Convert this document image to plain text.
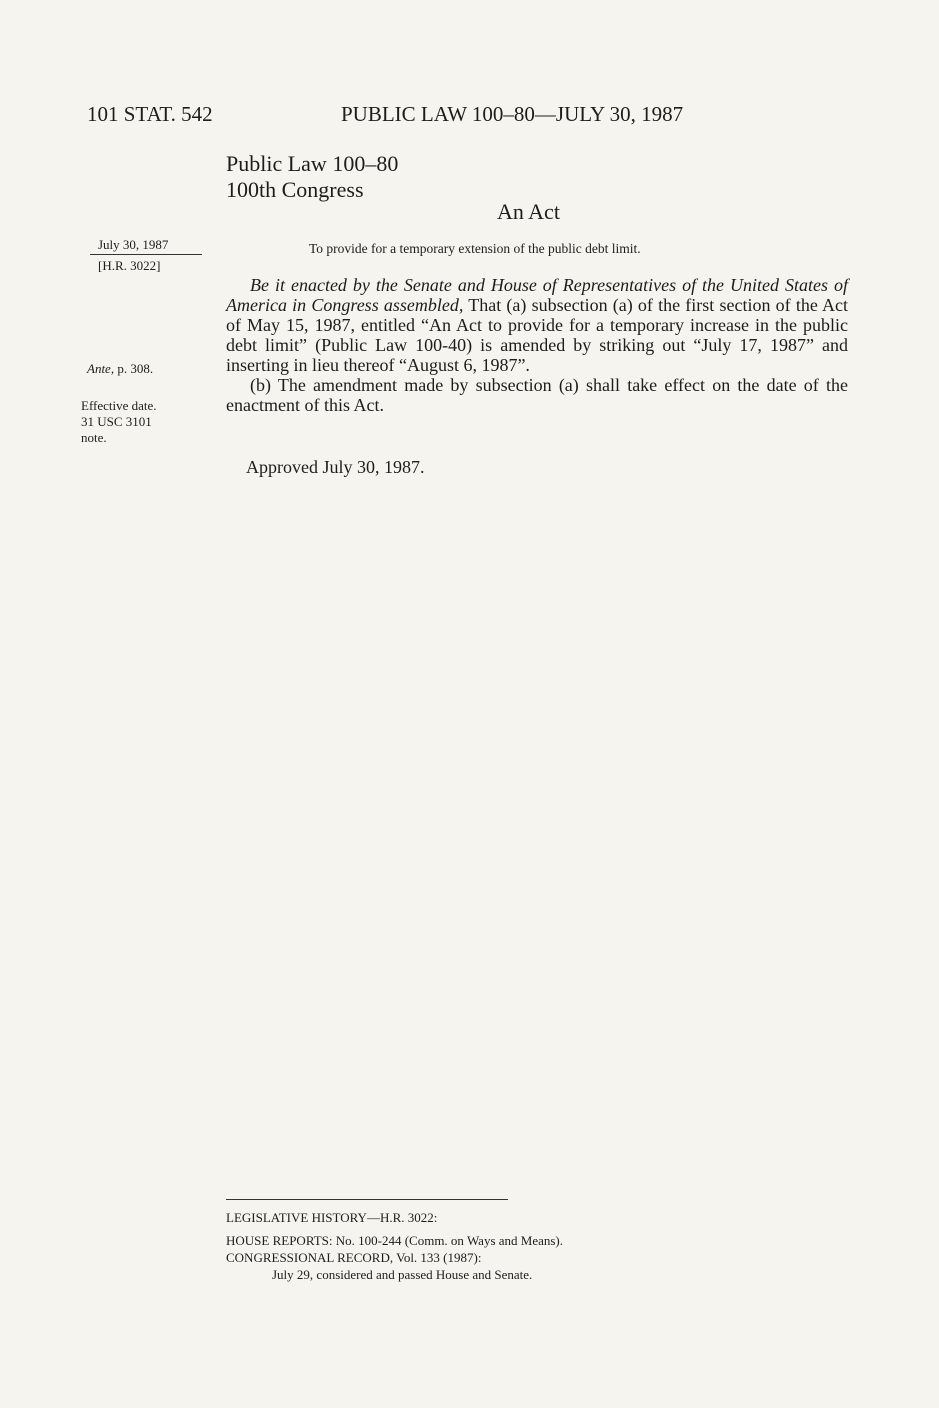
101 STAT. 542	PUBLIC LAW 100–80—JULY 30, 1987
Public Law 100–80
100th Congress
An Act
July 30, 1987
[H.R. 3022]
To provide for a temporary extension of the public debt limit.

Be it enacted by the Senate and House of Representatives of the United States of America in Congress assembled, That (a) subsection (a) of the first section of the Act of May 15, 1987, entitled “An Act to provide for a temporary increase in the public debt limit” (Public Law 100-40) is amended by striking out “July 17, 1987” and inserting in lieu thereof “August 6, 1987”.

(b) The amendment made by subsection (a) shall take effect on the date of the enactment of this Act.

Ante, p. 308.
Effective date.
31 USC 3101
note.
Approved July 30, 1987.
LEGISLATIVE HISTORY—H.R. 3022:
HOUSE REPORTS: No. 100-244 (Comm. on Ways and Means).
CONGRESSIONAL RECORD, Vol. 133 (1987):
July 29, considered and passed House and Senate.
